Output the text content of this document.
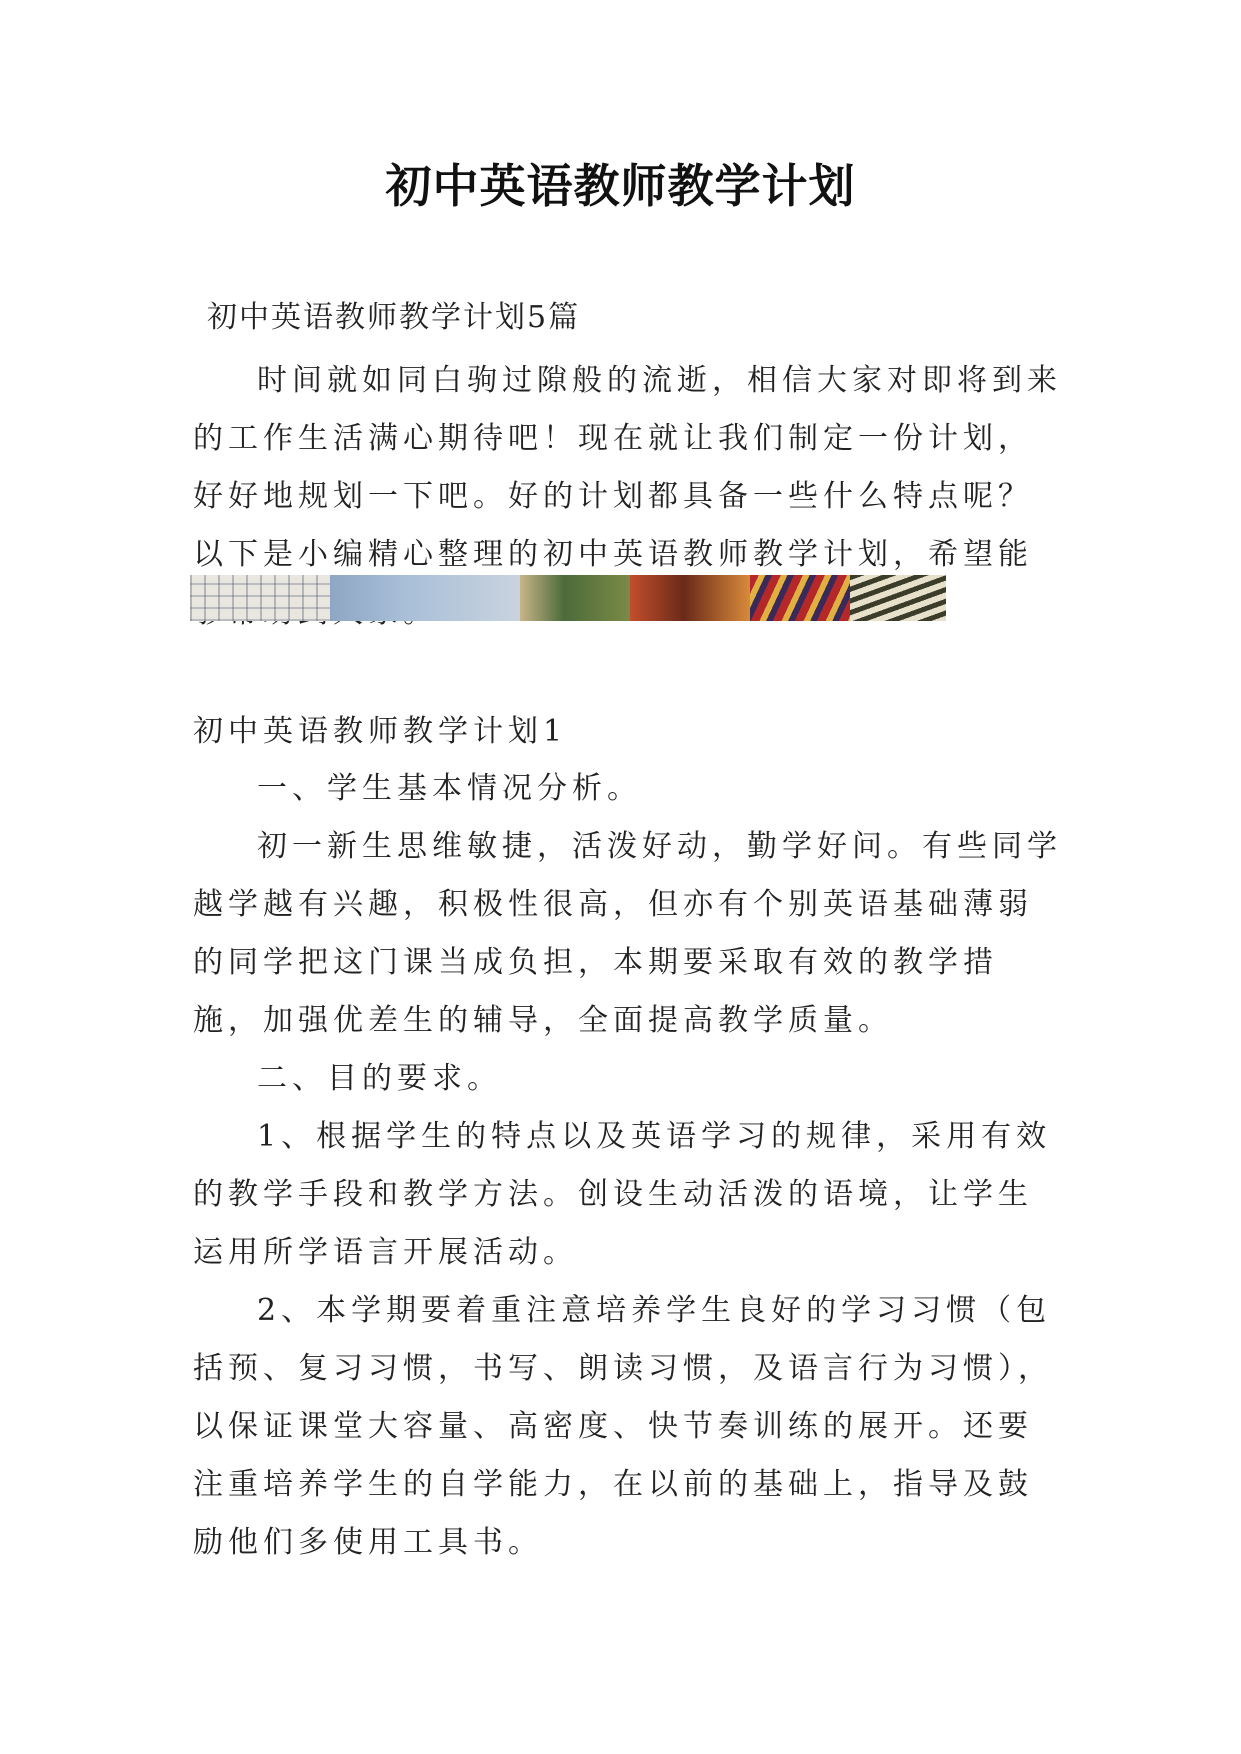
初中英语教师教学计划

初中英语教师教学计划5篇

时间就如同白驹过隙般的流逝，相信大家对即将到来的工作生活满心期待吧！现在就让我们制定一份计划，好好地规划一下吧。好的计划都具备一些什么特点呢？以下是小编精心整理的初中英语教师教学计划，希望能

初中英语教师教学计划1

一、学生基本情况分析。

初一新生思维敏捷，活泼好动，勤学好问。有些同学越学越有兴趣，积极性很高，但亦有个别英语基础薄弱的同学把这门课当成负担，本期要采取有效的教学措施，加强优差生的辅导，全面提高教学质量。

二、目的要求。

1、根据学生的特点以及英语学习的规律，采用有效的教学手段和教学方法。创设生动活泼的语境，让学生运用所学语言开展活动。

2、本学期要着重注意培养学生良好的学习习惯（包括预、复习习惯，书写、朗读习惯，及语言行为习惯），以保证课堂大容量、高密度、快节奏训练的展开。还要注重培养学生的自学能力，在以前的基础上，指导及鼓励他们多使用工具书。
